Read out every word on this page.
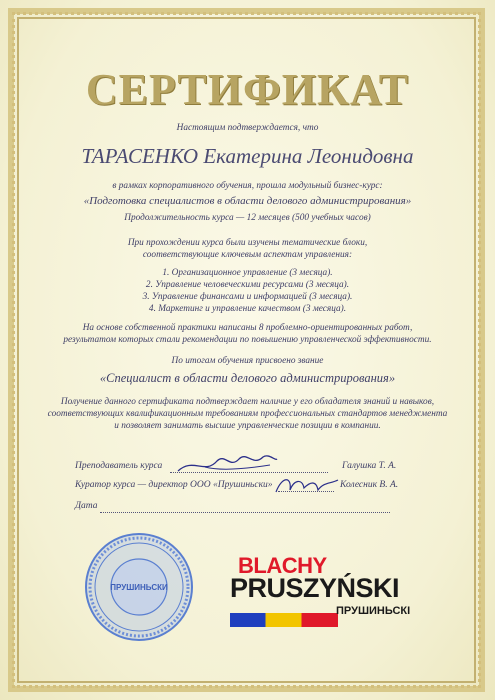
СЕРТИФИКАТ
Настоящим подтверждается, что
ТАРАСЕНКО Екатерина Леонидовна
в рамках корпоративного обучения, прошла модульный бизнес-курс:
«Подготовка специалистов в области делового администрирования»
Продолжительность курса — 12 месяцев (500 учебных часов)
При прохождении курса были изучены тематические блоки,
соответствующие ключевым аспектам управления:
1. Организационное управление (3 месяца).
2. Управление человеческими ресурсами (3 месяца).
3. Управление финансами и информацией (3 месяца).
4. Маркетинг и управление качеством (3 месяца).
На основе собственной практики написаны 8 проблемно-ориентированных работ,
результатом которых стали рекомендации по повышению управленческой эффективности.
По итогам обучения присвоено звание
«Специалист в области делового администрирования»
Получение данного сертификата подтверждает наличие у его обладателя знаний и навыков,
соответствующих квалификационным требованиям профессиональных стандартов менеджмента
и позволяет занимать высшие управленческие позиции в компании.
Преподаватель курса	Галушка Т. А.
Куратор курса — директор ООО «Прушиньски»	Колесник В. А.
Дата
ПРУШИНЬСКИ
BLACHY
PRUSZYŃSKI
ПРУШИНЬСКІ
